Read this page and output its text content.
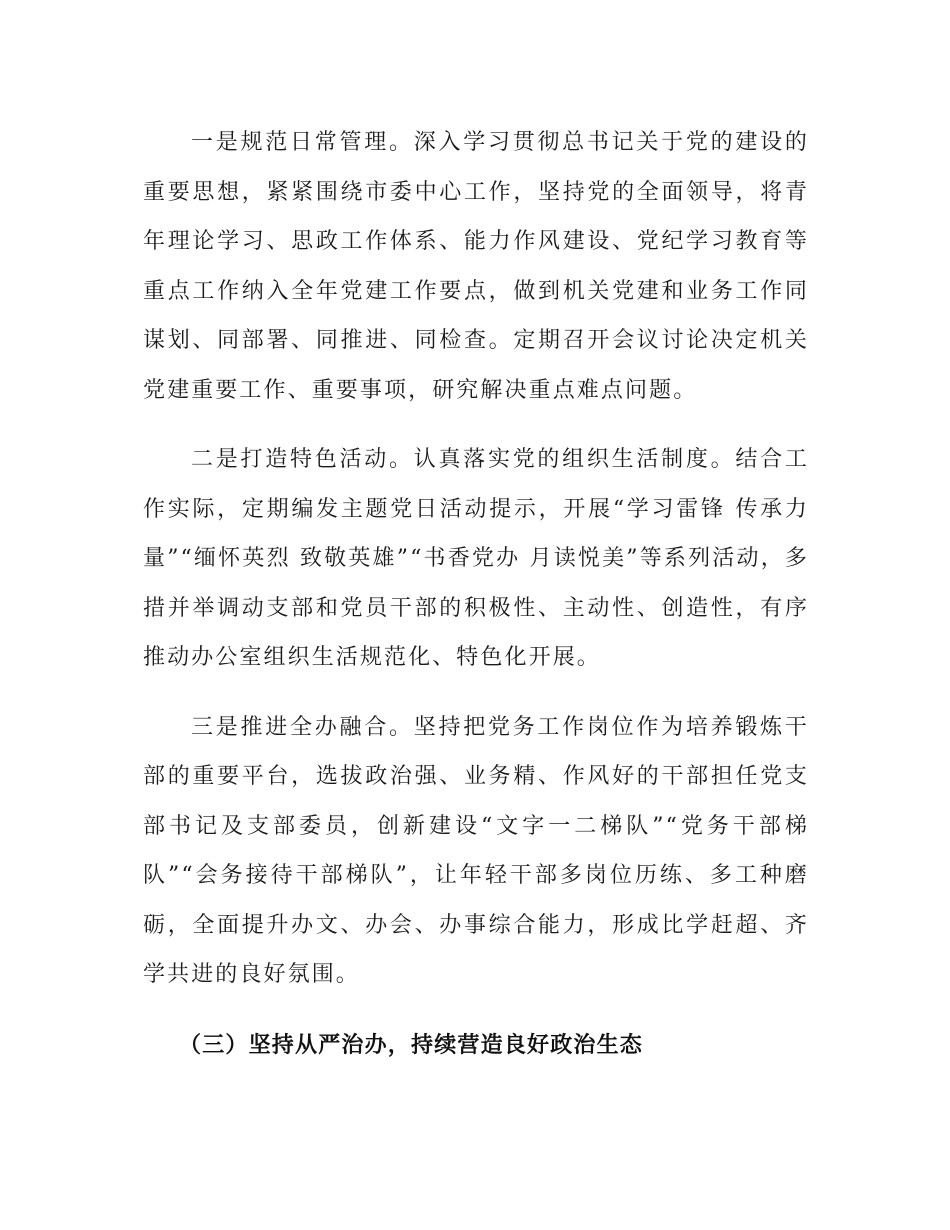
一是规范日常管理。深入学习贯彻总书记关于党的建设的重要思想，紧紧围绕市委中心工作，坚持党的全面领导，将青年理论学习、思政工作体系、能力作风建设、党纪学习教育等重点工作纳入全年党建工作要点，做到机关党建和业务工作同谋划、同部署、同推进、同检查。定期召开会议讨论决定机关党建重要工作、重要事项，研究解决重点难点问题。

二是打造特色活动。认真落实党的组织生活制度。结合工作实际，定期编发主题党日活动提示，开展“学习雷锋 传承力量”“缅怀英烈 致敬英雄”“书香党办 月读悦美”等系列活动，多措并举调动支部和党员干部的积极性、主动性、创造性，有序推动办公室组织生活规范化、特色化开展。

三是推进全办融合。坚持把党务工作岗位作为培养锻炼干部的重要平台，选拔政治强、业务精、作风好的干部担任党支部书记及支部委员，创新建设“文字一二梯队”“党务干部梯队”“会务接待干部梯队”，让年轻干部多岗位历练、多工种磨砺，全面提升办文、办会、办事综合能力，形成比学赶超、齐学共进的良好氛围。

（三）坚持从严治办，持续营造良好政治生态
